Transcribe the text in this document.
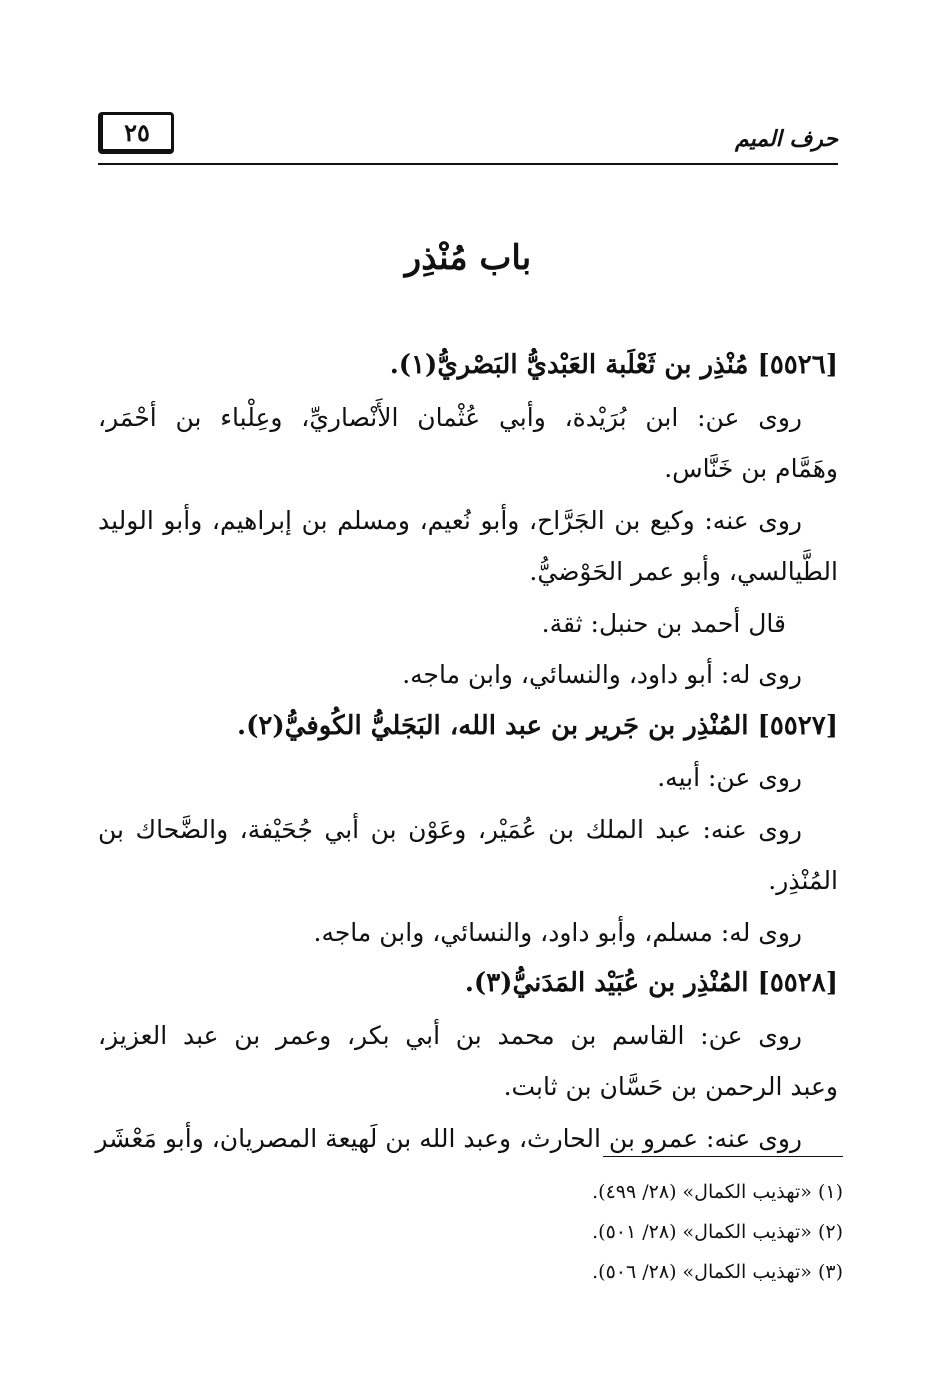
٢٥	حرف الميم
باب مُنْذِر
[٥٥٢٦] مُنْذِر بن ثَعْلَبة العَبْديُّ البَصْريُّ(١).
روى عن: ابن بُرَيْدة، وأبي عُثْمان الأَنْصاريِّ، وعِلْباء بن أحْمَر،
وهَمَّام بن خَنَّاس.
روى عنه: وكيع بن الجَرَّاح، وأبو نُعيم، ومسلم بن إبراهيم، وأبو الوليد
الطَّيالسي، وأبو عمر الحَوْضيُّ.
قال أحمد بن حنبل: ثقة.
روى له: أبو داود، والنسائي، وابن ماجه.
[٥٥٢٧] المُنْذِر بن جَرير بن عبد الله، البَجَليُّ الكُوفيُّ(٢).
روى عن: أبيه.
روى عنه: عبد الملك بن عُمَيْر، وعَوْن بن أبي جُحَيْفة، والضَّحاك بن
المُنْذِر.
روى له: مسلم، وأبو داود، والنسائي، وابن ماجه.
[٥٥٢٨] المُنْذِر بن عُبَيْد المَدَنيُّ(٣).
روى عن: القاسم بن محمد بن أبي بكر، وعمر بن عبد العزيز،
وعبد الرحمن بن حَسَّان بن ثابت.
روى عنه: عمرو بن الحارث، وعبد الله بن لَهيعة المصريان، وأبو مَعْشَر
(١) «تهذيب الكمال» (٢٨/ ٤٩٩).
(٢) «تهذيب الكمال» (٢٨/ ٥٠١).
(٣) «تهذيب الكمال» (٢٨/ ٥٠٦).
